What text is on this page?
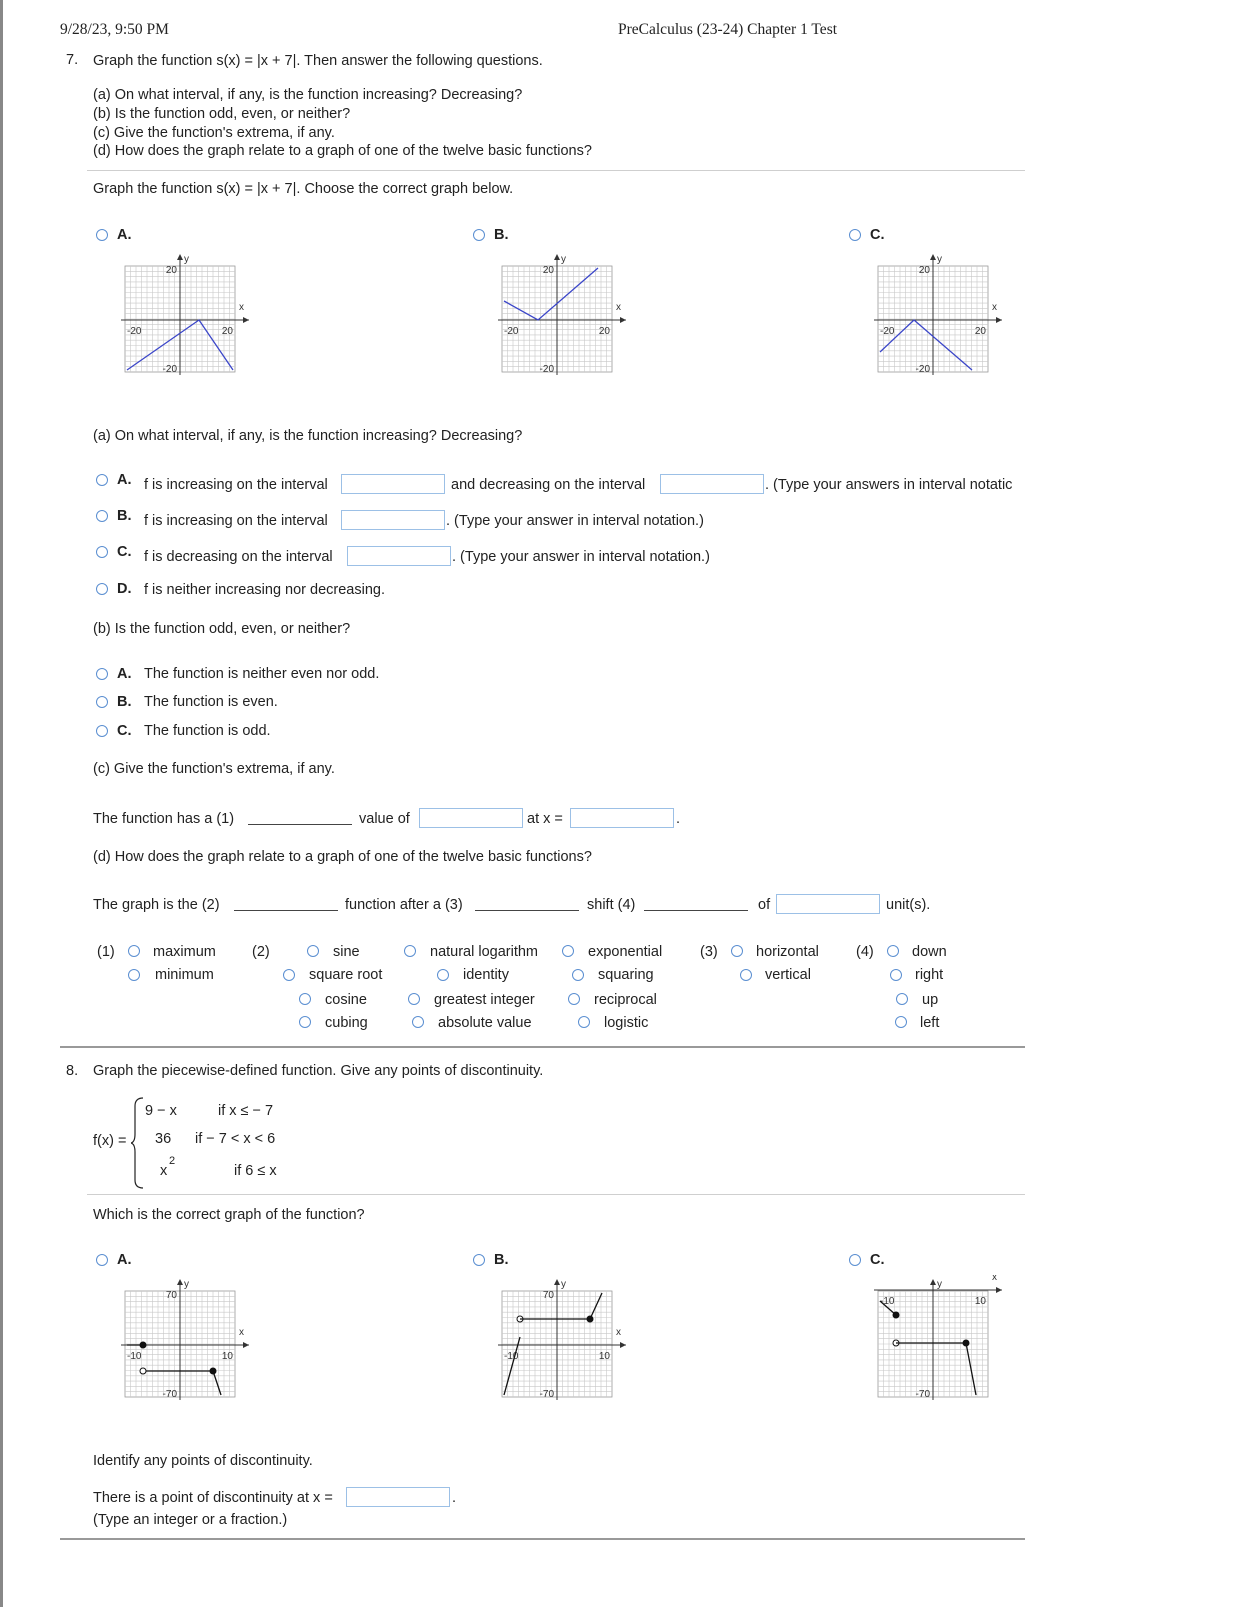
9/28/23, 9:50 PM	PreCalculus (23-24) Chapter 1 Test
7. Graph the function s(x) = |x + 7|. Then answer the following questions.
(a) On what interval, if any, is the function increasing? Decreasing?
(b) Is the function odd, even, or neither?
(c) Give the function's extrema, if any.
(d) How does the graph relate to a graph of one of the twelve basic functions?
Graph the function s(x) = |x + 7|. Choose the correct graph below.
A.	B.	C.
y
x
20
-20
-20	20
y
x
20
-20
-20	20
y
x
20
-20
-20	20
(a) On what interval, if any, is the function increasing? Decreasing?
A. f is increasing on the interval	and decreasing on the interval	. (Type your answers in interval notatic
B. f is increasing on the interval	. (Type your answer in interval notation.)
C. f is decreasing on the interval	. (Type your answer in interval notation.)
D. f is neither increasing nor decreasing.
(b) Is the function odd, even, or neither?
A. The function is neither even nor odd.
B. The function is even.
C. The function is odd.
(c) Give the function's extrema, if any.
The function has a (1)	value of	at x =	.
(d) How does the graph relate to a graph of one of the twelve basic functions?
The graph is the (2)	function after a (3)	shift (4)	of	unit(s).
(1)	maximum
minimum
(2)	sine
square root
cosine
cubing
natural logarithm
identity
greatest integer
absolute value
exponential
squaring
reciprocal
logistic
(3)	horizontal
vertical
(4)	down
right
up
left
8. Graph the piecewise-defined function. Give any points of discontinuity.
f(x) =
9 − x	if x ≤ − 7
36 if − 7 < x < 6
x
2
if 6 ≤ x
Which is the correct graph of the function?
A.	B.	C.
y
x
70
-70
-10	10
y
x
70
-70
-10	10
y
x
-70
-10	10
Identify any points of discontinuity.
There is a point of discontinuity at x =	.
(Type an integer or a fraction.)
